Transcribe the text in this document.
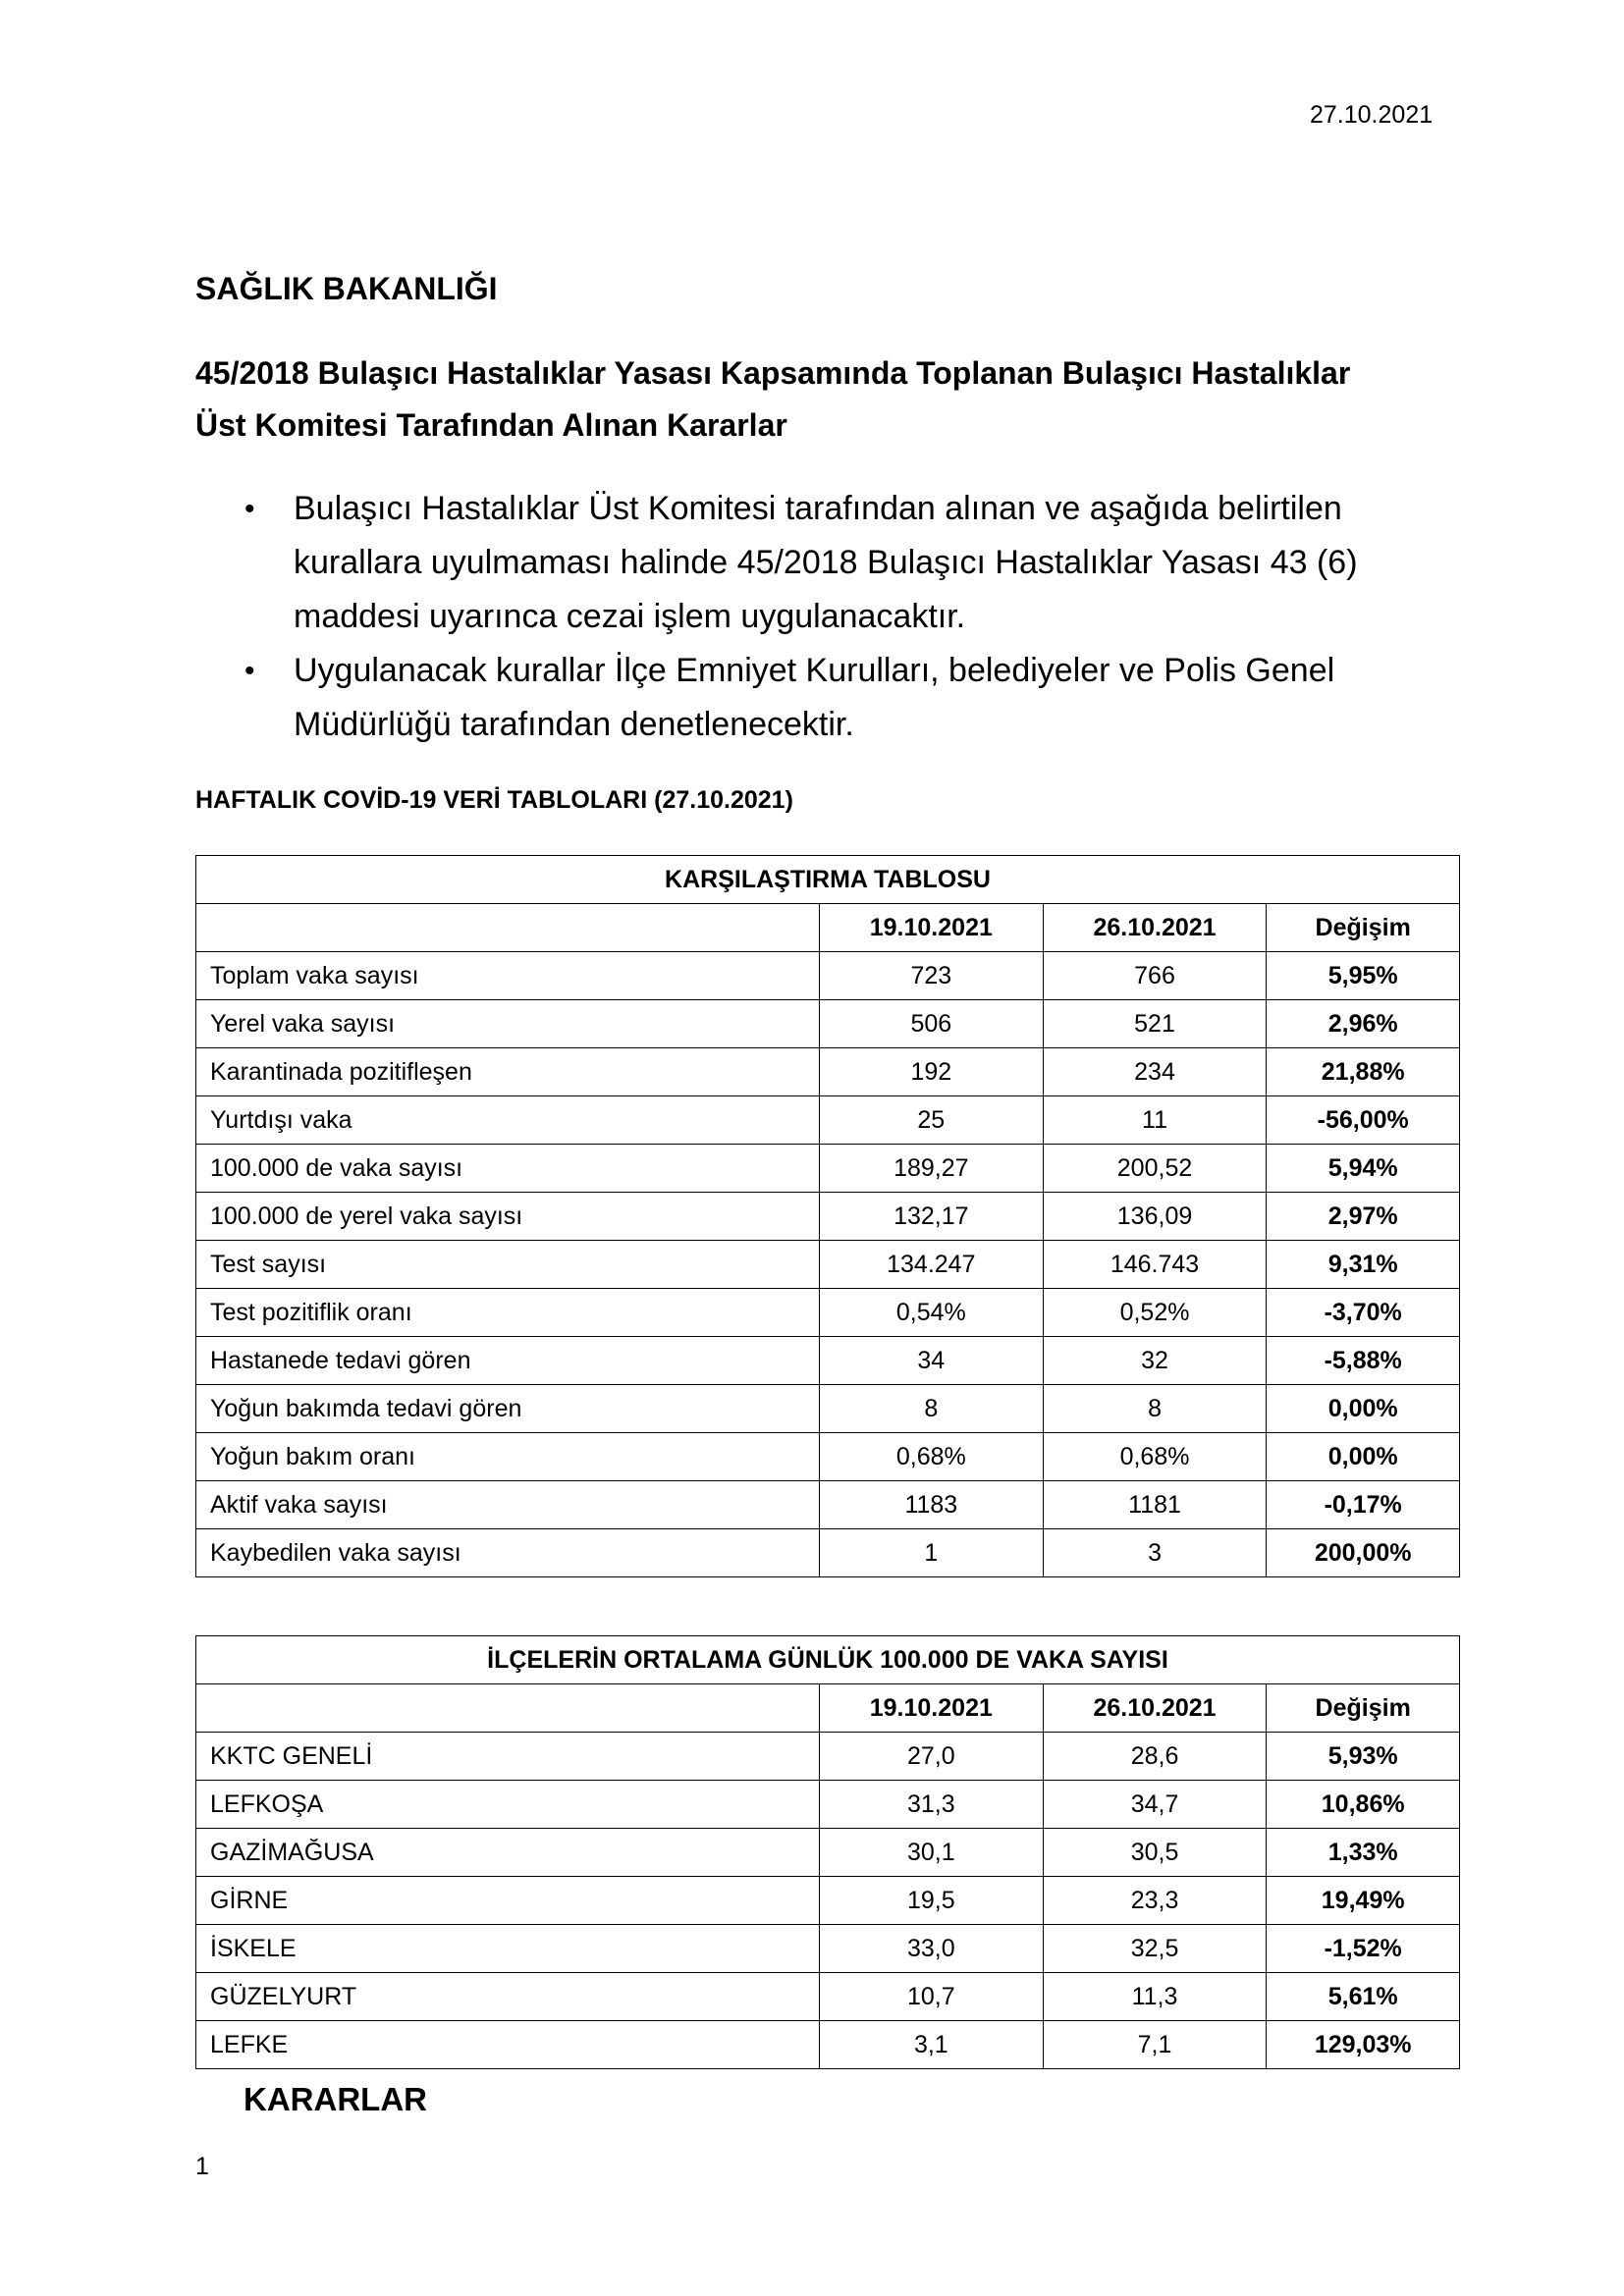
27.10.2021
SAĞLIK BAKANLIĞI
45/2018 Bulaşıcı Hastalıklar Yasası Kapsamında Toplanan Bulaşıcı Hastalıklar
Üst Komitesi Tarafından Alınan Kararlar
• Bulaşıcı Hastalıklar Üst Komitesi tarafından alınan ve aşağıda belirtilen
kurallara uyulmaması halinde 45/2018 Bulaşıcı Hastalıklar Yasası 43 (6)
maddesi uyarınca cezai işlem uygulanacaktır.
• Uygulanacak kurallar İlçe Emniyet Kurulları, belediyeler ve Polis Genel
Müdürlüğü tarafından denetlenecektir.
HAFTALIK COVİD-19 VERİ TABLOLARI (27.10.2021)
KARŞILAŞTIRMA TABLOSU			
	19.10.2021	26.10.2021	Değişim
Toplam vaka sayısı	723	766	5,95%
Yerel vaka sayısı	506	521	2,96%
Karantinada pozitifleşen	192	234	21,88%
Yurtdışı vaka	25	11	-56,00%
100.000 de vaka sayısı	189,27	200,52	5,94%
100.000 de yerel vaka sayısı	132,17	136,09	2,97%
Test sayısı	134.247	146.743	9,31%
Test pozitiflik oranı	0,54%	0,52%	-3,70%
Hastanede tedavi gören	34	32	-5,88%
Yoğun bakımda tedavi gören	8	8	0,00%
Yoğun bakım oranı	0,68%	0,68%	0,00%
Aktif vaka sayısı	1183	1181	-0,17%
Kaybedilen vaka sayısı	1	3	200,00%
İLÇELERİN ORTALAMA GÜNLÜK 100.000 DE VAKA SAYISI			
	19.10.2021	26.10.2021	Değişim
KKTC GENELİ	27,0	28,6	5,93%
LEFKOŞA	31,3	34,7	10,86%
GAZİMAĞUSA	30,1	30,5	1,33%
GİRNE	19,5	23,3	19,49%
İSKELE	33,0	32,5	-1,52%
GÜZELYURT	10,7	11,3	5,61%
LEFKE	3,1	7,1	129,03%
KARARLAR
1
